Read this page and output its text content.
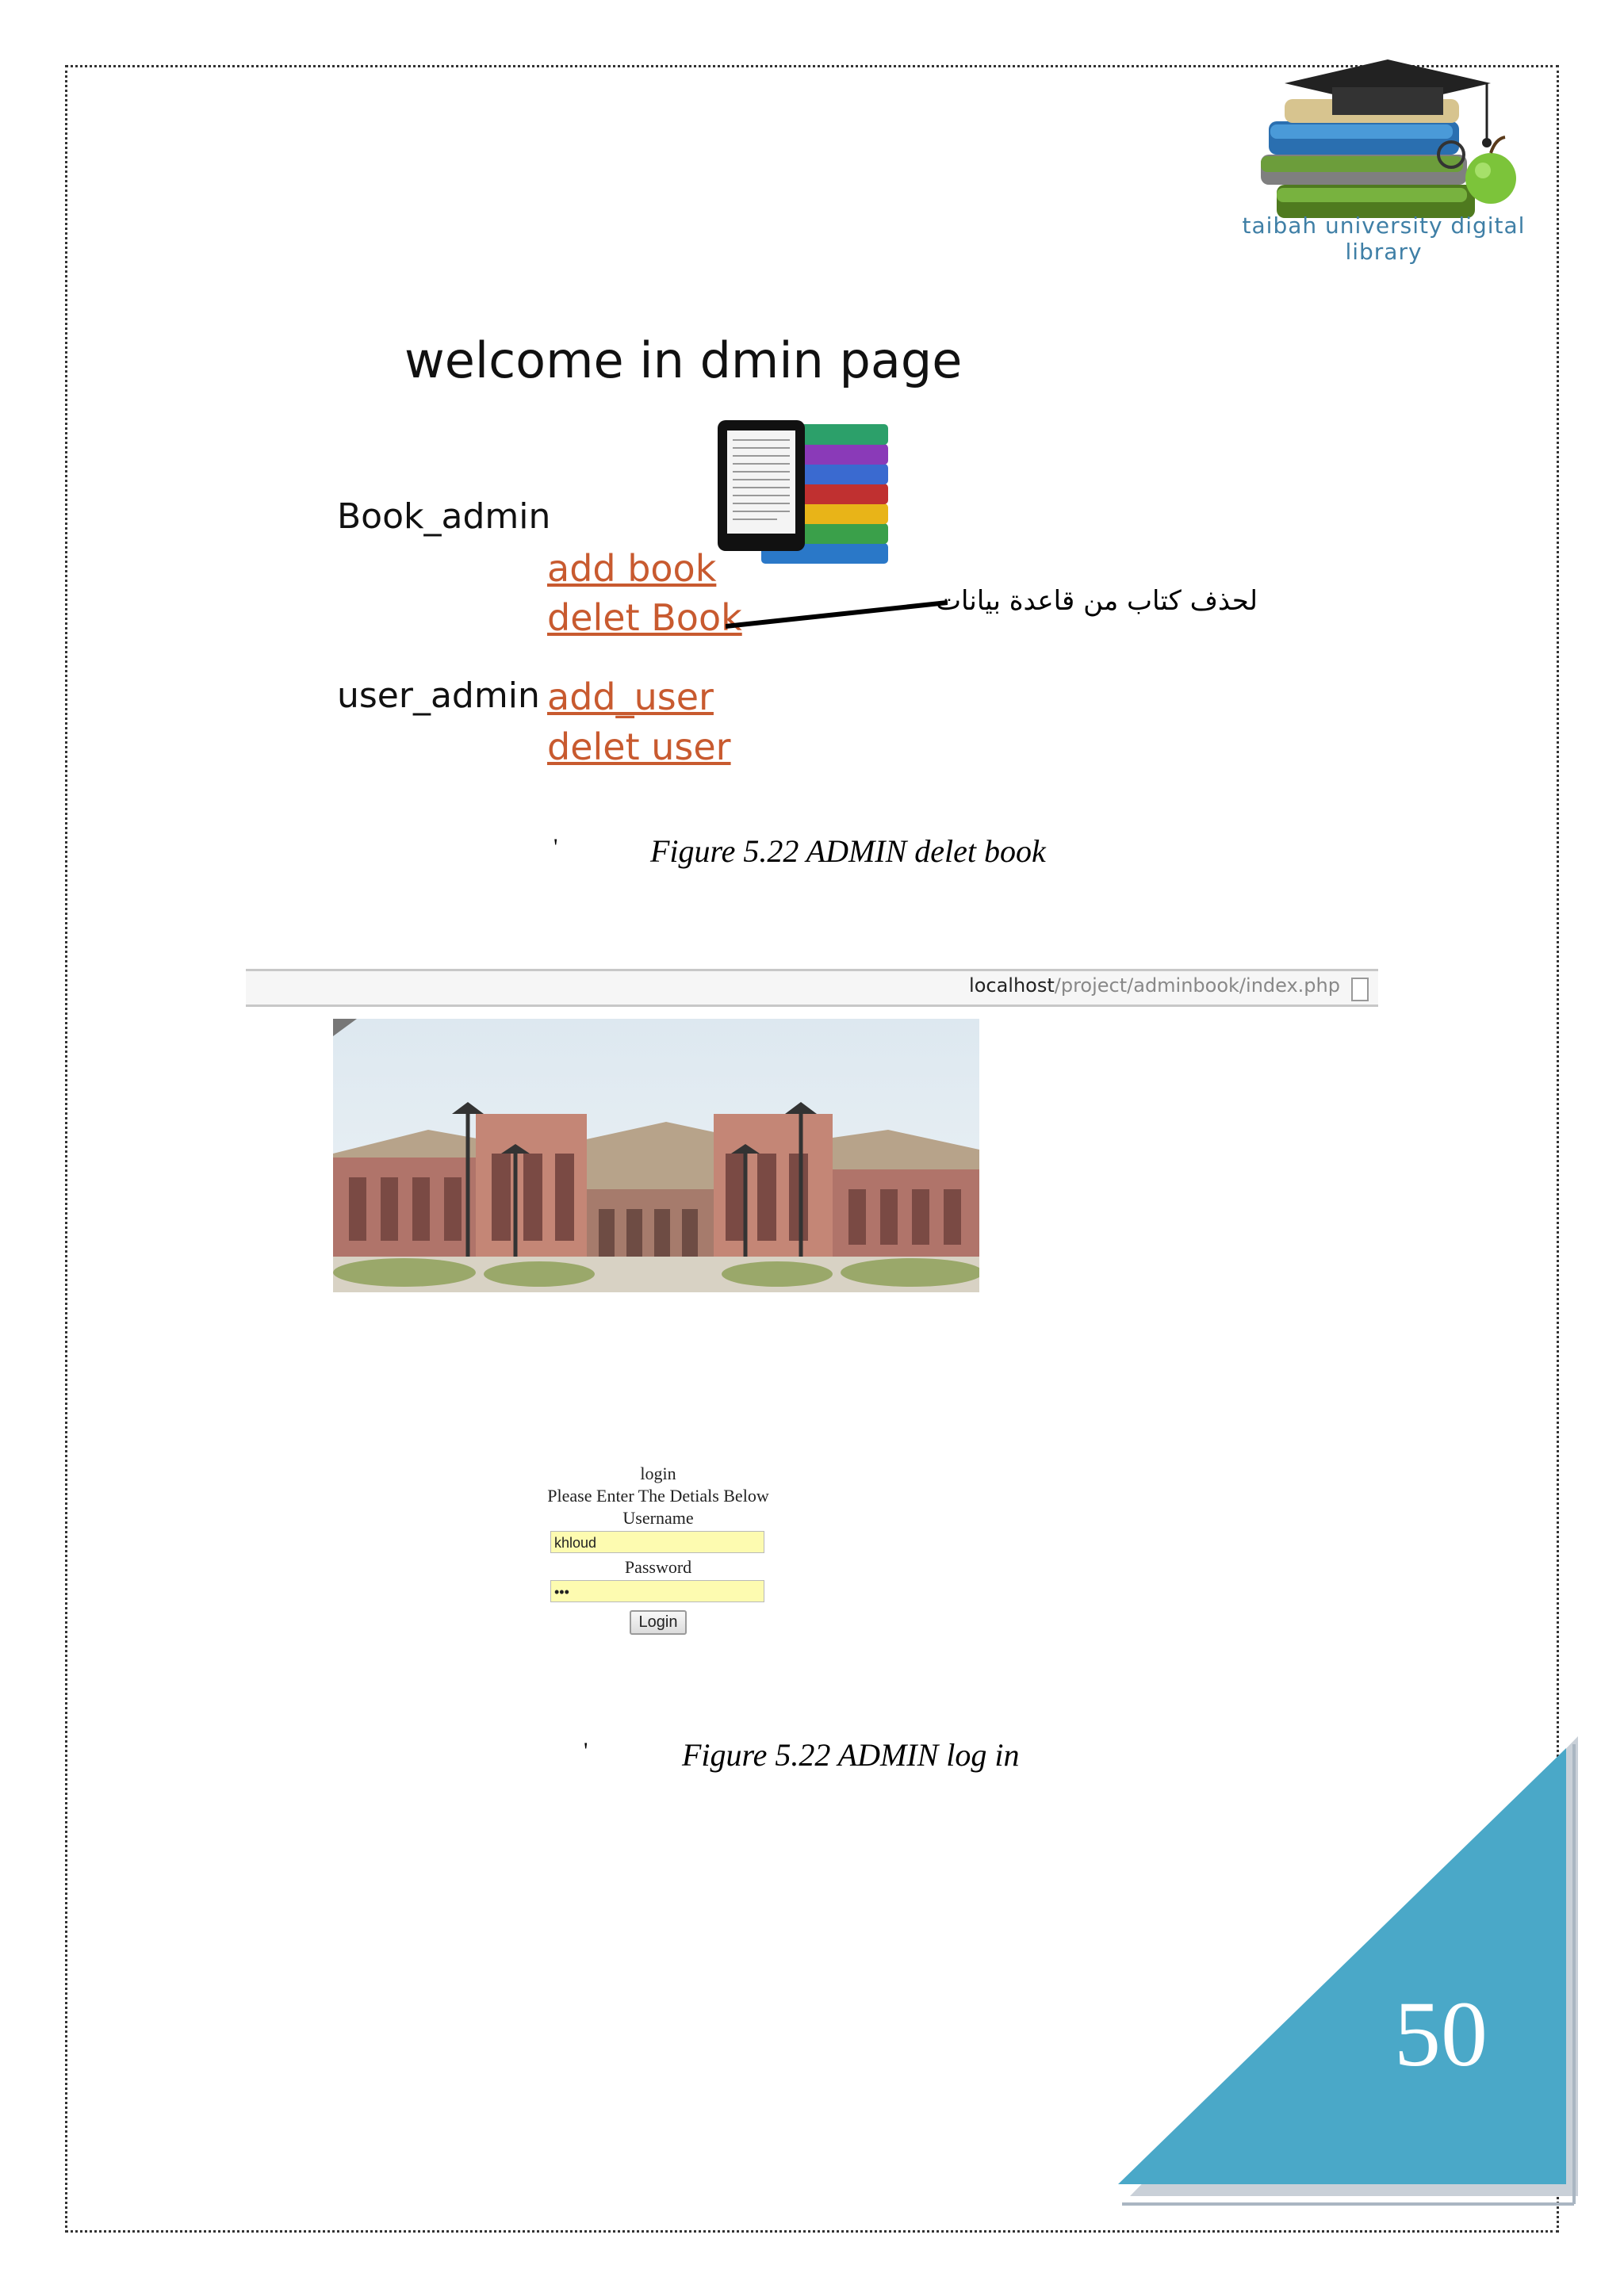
taibah university digital library
welcome in dmin page
Book_admin
add book
delet Book
user_admin add_user
delet user
لحذف كتاب من قاعدة بيانات
'	Figure 5.22 ADMIN delet book
localhost/project/adminbook/index.php
login
Please Enter The Detials Below
Username
khloud
Password
•••
Login
'	Figure 5.22 ADMIN log in
50
